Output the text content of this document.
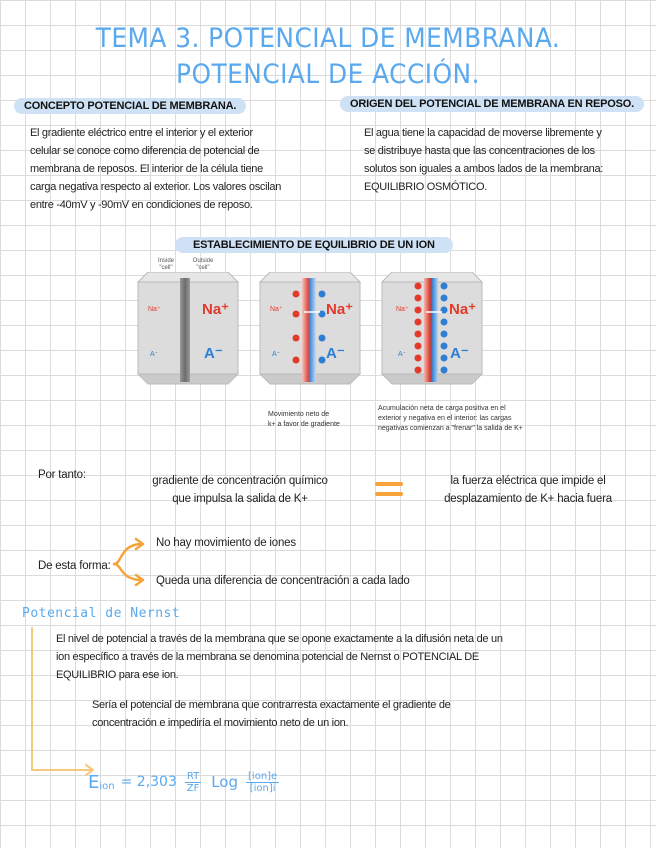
TEMA 3. POTENCIAL DE MEMBRANA.
POTENCIAL DE ACCIÓN.
CONCEPTO POTENCIAL DE MEMBRANA.
El gradiente eléctrico entre el interior y el exterior
celular se conoce como diferencia de potencial de
membrana de reposos. El interior de la célula tiene
carga negativa respecto al exterior. Los valores oscilan
entre -40mV y -90mV en condiciones de reposo.
ORIGEN DEL POTENCIAL DE MEMBRANA EN REPOSO.
El agua tiene la capacidad de moverse libremente y
se distribuye hasta que las concentraciones de los
solutos son iguales a ambos lados de la membrana:
EQUILIBRIO OSMÓTICO.
ESTABLECIMIENTO DE EQUILIBRIO DE UN ION
Inside "cell"
Outside "cell"
Na⁺	Na⁺
A⁻	A⁻
Na⁺	Na⁺
A⁻	A⁻
Na⁺	Na⁺
A⁻	A⁻
Movimiento neto de
k+ a favor de gradiente
Acumulación neta de carga positiva en el
exterior y negativa en el interior: las cargas
negativas comienzan a "frenar" la salida de K+
Por tanto:	gradiente de concentración químico
que impulsa la salida de K+
la fuerza eléctrica que impide el
desplazamiento de K+ hacia fuera
De esta forma:
No hay movimiento de iones
Queda una diferencia de concentración a cada lado
Potencial de Nernst
El nivel de potencial a través de la membrana que se opone exactamente a la difusión neta de un
ion específico a través de la membrana se denomina potencial de Nernst o POTENCIAL DE
EQUILIBRIO para ese ion.
Sería el potencial de membrana que contrarresta exactamente el gradiente de
concentración e impediría el movimiento neto de un ion.
E ion = $2,303 \frac{RT}{ZF}$ Log [ion]e
[ion]i
